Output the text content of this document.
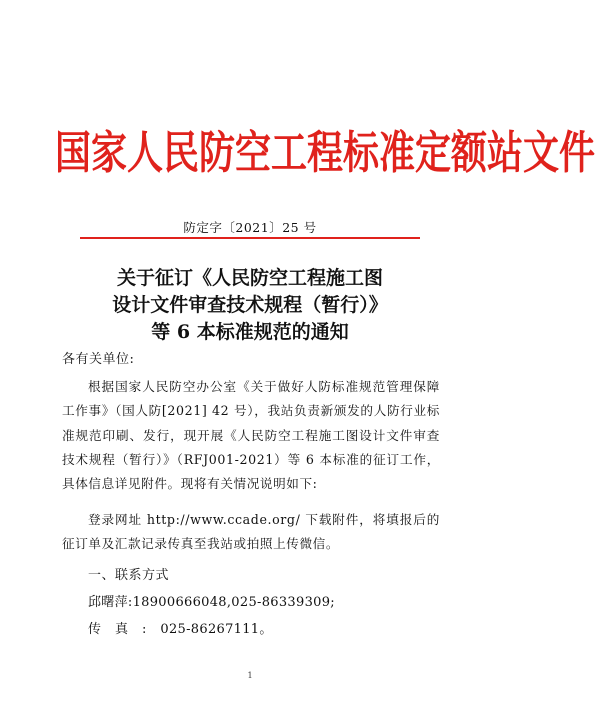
国家人民防空工程标准定额站文件
防定字〔2021〕25 号
关于征订《人民防空工程施工图
设计文件审查技术规程（暂行）》
等 6 本标准规范的通知
各有关单位:
根据国家人民防空办公室《关于做好人防标准规范管理保障工作事》（国人防[2021] 42 号），我站负责新颁发的人防行业标准规范印刷、发行，现开展《人民防空工程施工图设计文件审查技术规程（暂行）》（RFJ001-2021）等 6 本标准的征订工作，具体信息详见附件。现将有关情况说明如下:
登录网址 http://www.ccade.org/ 下载附件，将填报后的征订单及汇款记录传真至我站或拍照上传微信。
一、联系方式
邱曙萍:18900666048,025-86339309;
传真:025-86267111。
1
